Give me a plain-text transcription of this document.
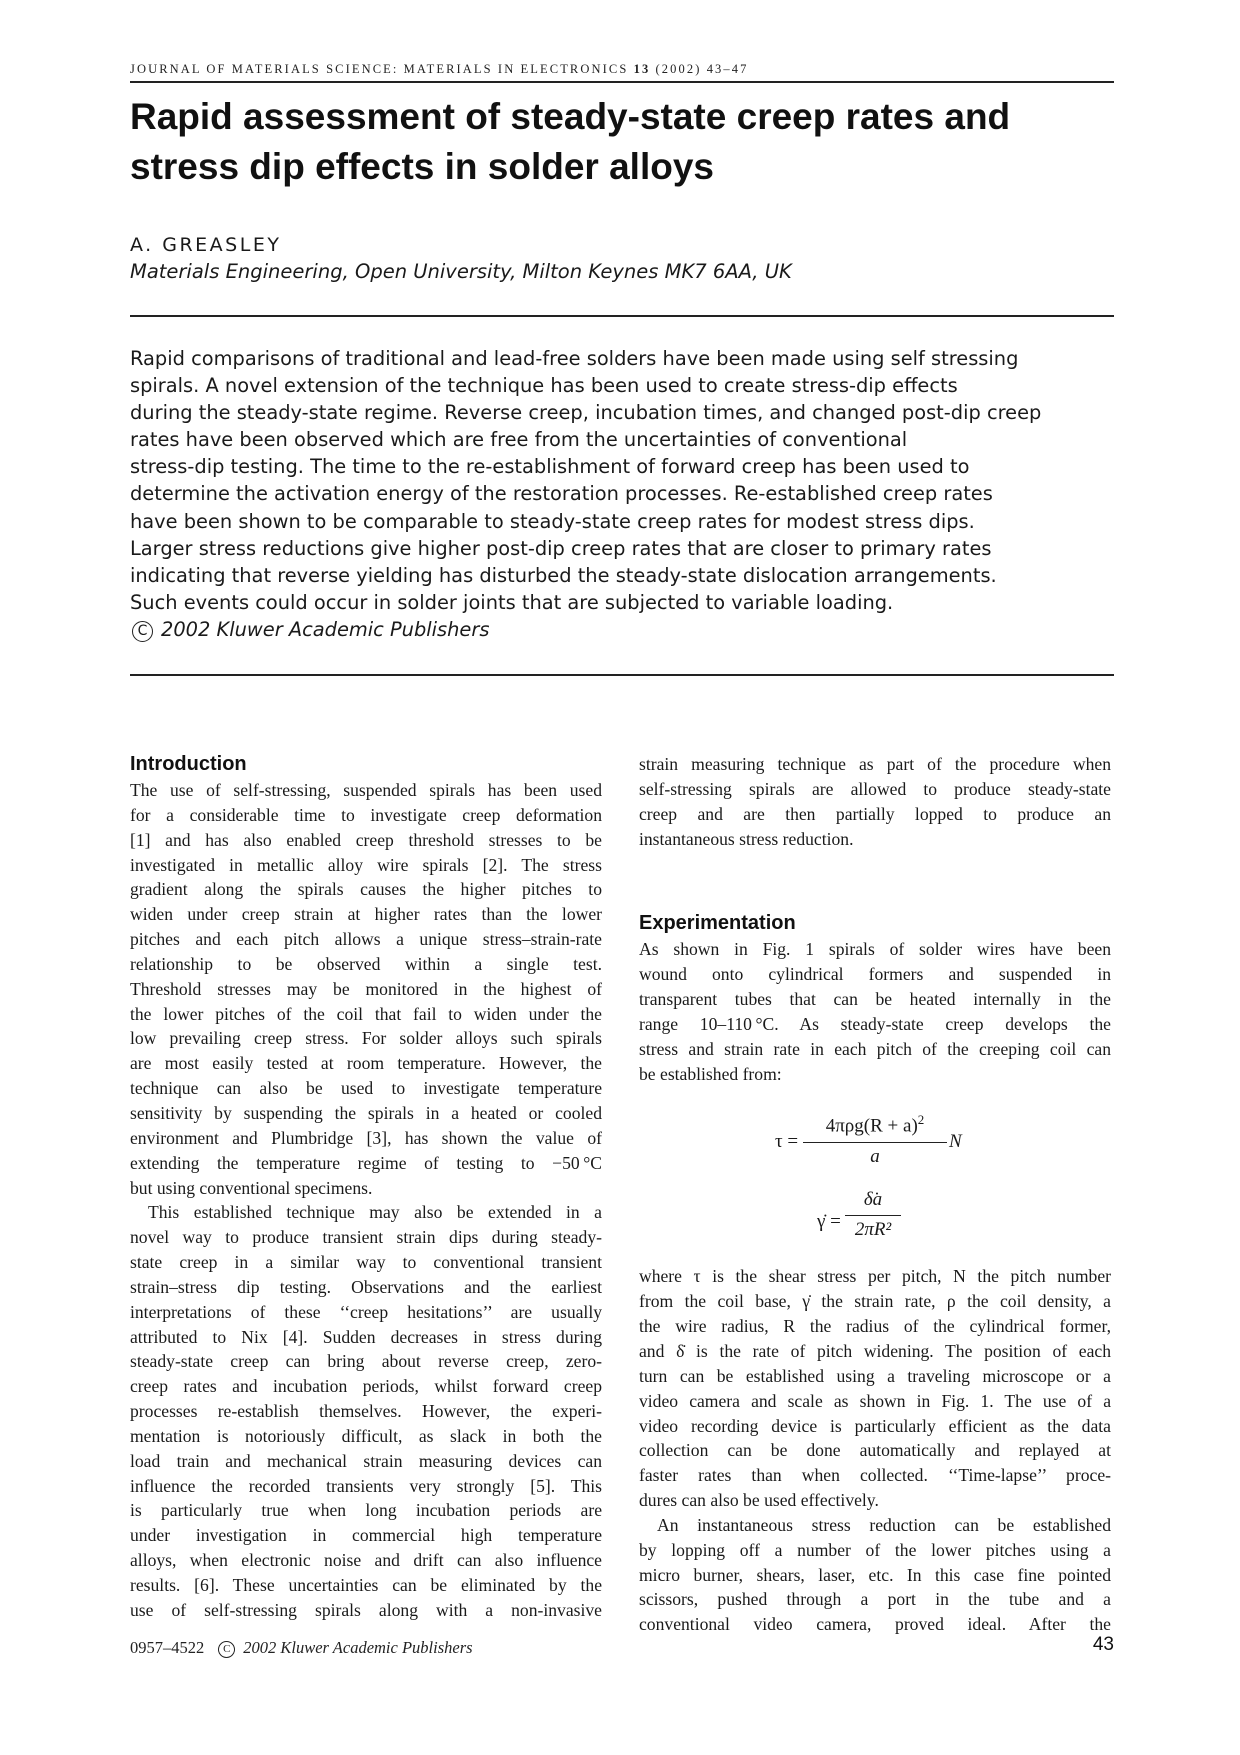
JOURNAL OF MATERIALS SCIENCE: MATERIALS IN ELECTRONICS 13 (2002) 43–47
Rapid assessment of steady-state creep rates and
stress dip effects in solder alloys
A. GREASLEY
Materials Engineering, Open University, Milton Keynes MK7 6AA, UK
Rapid comparisons of traditional and lead-free solders have been made using self stressing
spirals. A novel extension of the technique has been used to create stress-dip effects
during the steady-state regime. Reverse creep, incubation times, and changed post-dip creep
rates have been observed which are free from the uncertainties of conventional
stress-dip testing. The time to the re-establishment of forward creep has been used to
determine the activation energy of the restoration processes. Re-established creep rates
have been shown to be comparable to steady-state creep rates for modest stress dips.
Larger stress reductions give higher post-dip creep rates that are closer to primary rates
indicating that reverse yielding has disturbed the steady-state dislocation arrangements.
Such events could occur in solder joints that are subjected to variable loading.
C 2002 Kluwer Academic Publishers
Introduction

The use of self-stressing, suspended spirals has been used
for a considerable time to investigate creep deformation
[1] and has also enabled creep threshold stresses to be
investigated in metallic alloy wire spirals [2]. The stress
gradient along the spirals causes the higher pitches to
widen under creep strain at higher rates than the lower
pitches and each pitch allows a unique stress–strain-rate
relationship to be observed within a single test.
Threshold stresses may be monitored in the highest of
the lower pitches of the coil that fail to widen under the
low prevailing creep stress. For solder alloys such spirals
are most easily tested at room temperature. However, the
technique can also be used to investigate temperature
sensitivity by suspending the spirals in a heated or cooled
environment and Plumbridge [3], has shown the value of
extending the temperature regime of testing to −50 °C
but using conventional specimens.

This established technique may also be extended in a
novel way to produce transient strain dips during steady-
state creep in a similar way to conventional transient
strain–stress dip testing. Observations and the earliest
interpretations of these ‘‘creep hesitations’’ are usually
attributed to Nix [4]. Sudden decreases in stress during
steady-state creep can bring about reverse creep, zero-
creep rates and incubation periods, whilst forward creep
processes re-establish themselves. However, the experi-
mentation is notoriously difficult, as slack in both the
load train and mechanical strain measuring devices can
influence the recorded transients very strongly [5]. This
is particularly true when long incubation periods are
under investigation in commercial high temperature
alloys, when electronic noise and drift can also influence
results. [6]. These uncertainties can be eliminated by the
use of self-stressing spirals along with a non-invasive

strain measuring technique as part of the procedure when
self-stressing spirals are allowed to produce steady-state
creep and are then partially lopped to produce an
instantaneous stress reduction.

Experimentation

As shown in Fig. 1 spirals of solder wires have been
wound onto cylindrical formers and suspended in
transparent tubes that can be heated internally in the
range 10–110 °C. As steady-state creep develops the
stress and strain rate in each pitch of the creeping coil can
be established from:

τ =
$4\pi\rho g(R + a)^2$
a
N
γ̇ =
δ̇a
2πR²

where τ is the shear stress per pitch, N the pitch number
from the coil base, γ̇ the strain rate, ρ the coil density, a
the wire radius, R the radius of the cylindrical former,
and δ̇ is the rate of pitch widening. The position of each
turn can be established using a traveling microscope or a
video camera and scale as shown in Fig. 1. The use of a
video recording device is particularly efficient as the data
collection can be done automatically and replayed at
faster rates than when collected. ‘‘Time-lapse’’ proce-
dures can also be used effectively.

An instantaneous stress reduction can be established
by lopping off a number of the lower pitches using a
micro burner, shears, laser, etc. In this case fine pointed
scissors, pushed through a port in the tube and a
conventional video camera, proved ideal. After the

0957–4522 C 2002 Kluwer Academic Publishers	43
